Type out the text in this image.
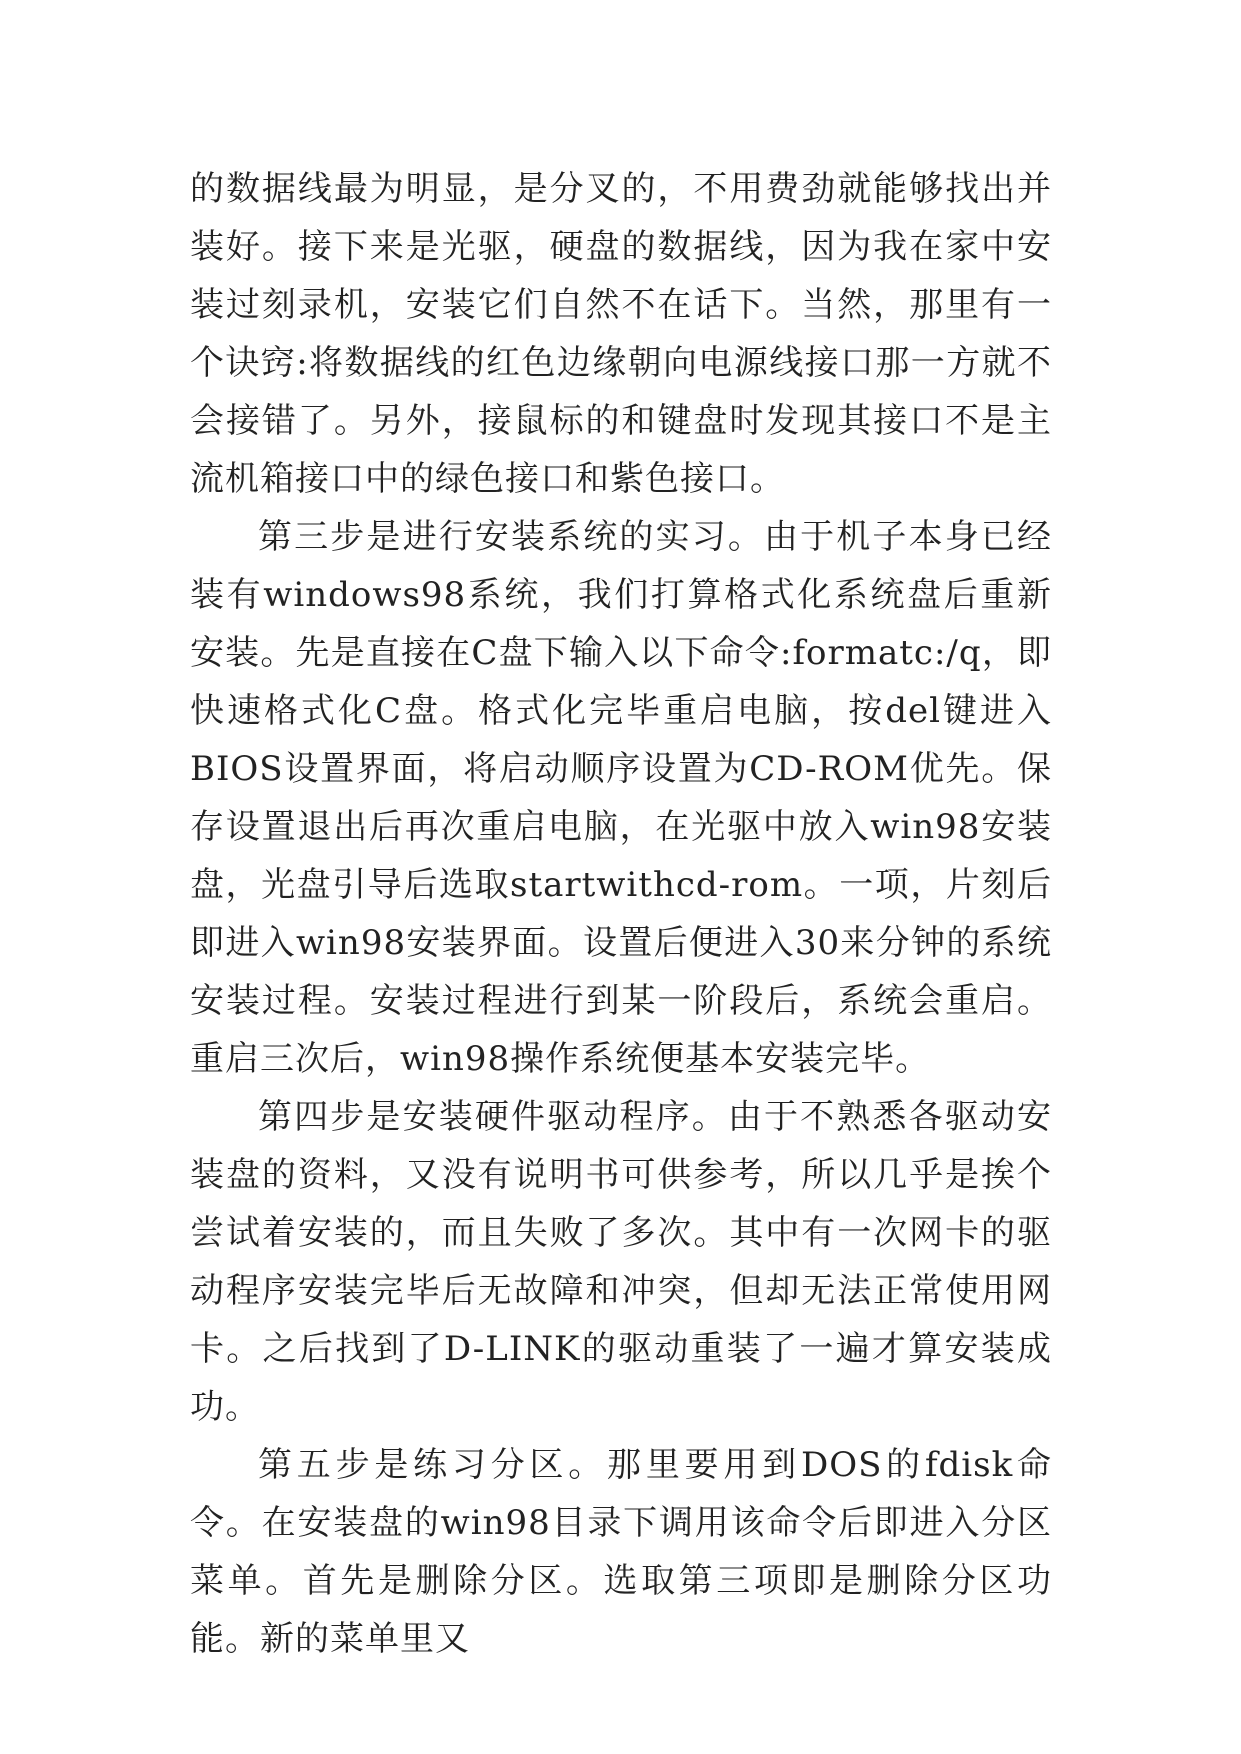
的数据线最为明显，是分叉的，不用费劲就能够找出并装好。接下来是光驱，硬盘的数据线，因为我在家中安装过刻录机，安装它们自然不在话下。当然，那里有一个诀窍:将数据线的红色边缘朝向电源线接口那一方就不会接错了。另外，接鼠标的和键盘时发现其接口不是主流机箱接口中的绿色接口和紫色接口。

第三步是进行安装系统的实习。由于机子本身已经装有windows98系统，我们打算格式化系统盘后重新安装。先是直接在C盘下输入以下命令:formatc:/q，即快速格式化C盘。格式化完毕重启电脑，按del键进入BIOS设置界面，将启动顺序设置为CD-ROM优先。保存设置退出后再次重启电脑，在光驱中放入win98安装盘，光盘引导后选取startwithcd-rom。一项，片刻后即进入win98安装界面。设置后便进入30来分钟的系统安装过程。安装过程进行到某一阶段后，系统会重启。重启三次后，win98操作系统便基本安装完毕。

第四步是安装硬件驱动程序。由于不熟悉各驱动安装盘的资料，又没有说明书可供参考，所以几乎是挨个尝试着安装的，而且失败了多次。其中有一次网卡的驱动程序安装完毕后无故障和冲突，但却无法正常使用网卡。之后找到了D-LINK的驱动重装了一遍才算安装成功。

第五步是练习分区。那里要用到DOS的fdisk命令。在安装盘的win98目录下调用该命令后即进入分区菜单。首先是删除分区。选取第三项即是删除分区功能。新的菜单里又
